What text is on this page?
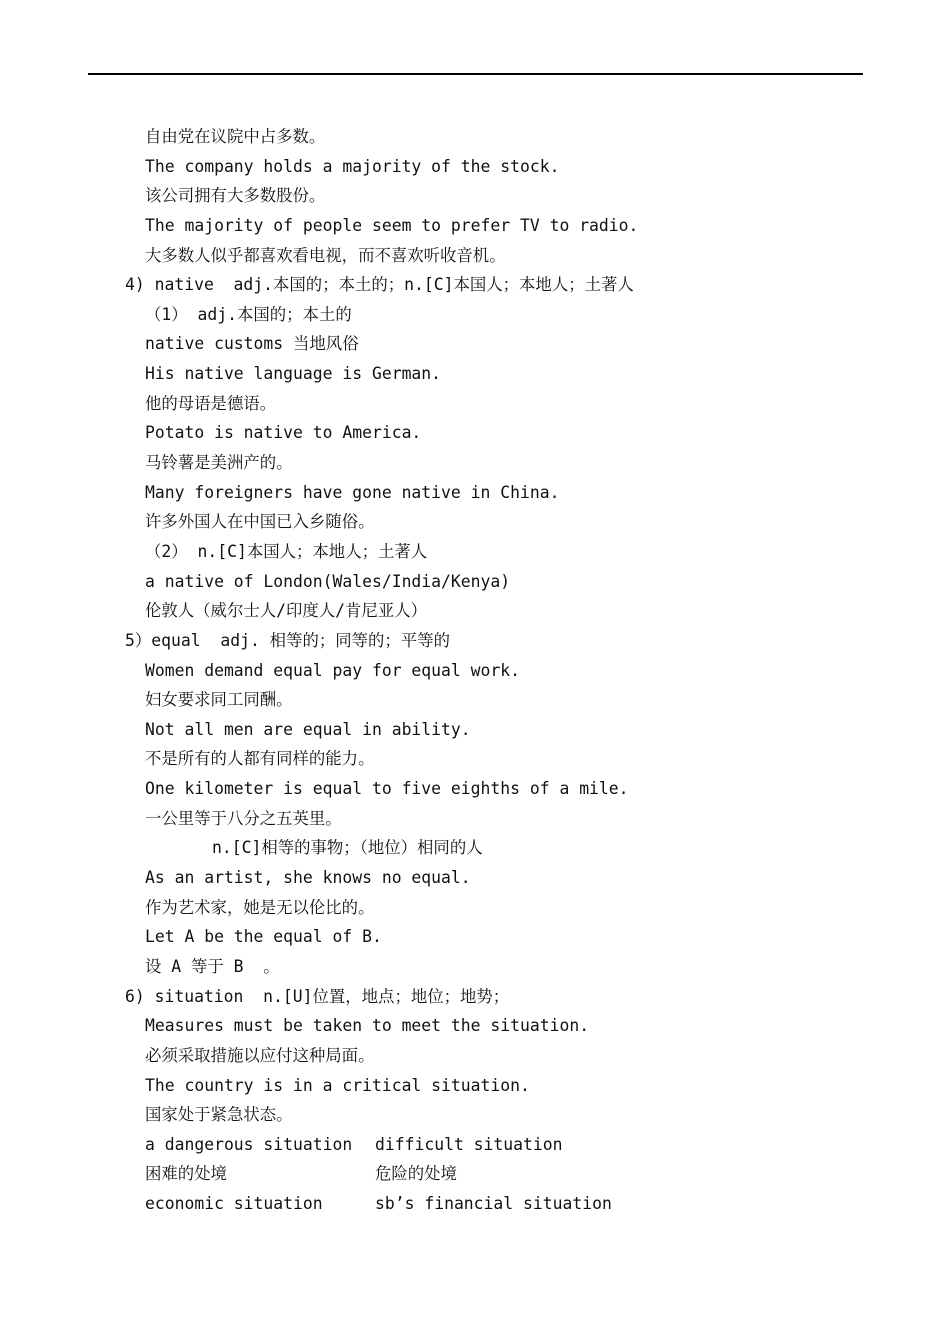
自由党在议院中占多数。
The company holds a majority of the stock.
该公司拥有大多数股份。
The majority of people seem to prefer TV to radio.
大多数人似乎都喜欢看电视，而不喜欢听收音机。
4) native  adj.本国的；本土的；n.[C]本国人；本地人；土著人
（1） adj.本国的；本土的
native customs 当地风俗
His native language is German.
他的母语是德语。
Potato is native to America.
马铃薯是美洲产的。
Many foreigners have gone native in China.
许多外国人在中国已入乡随俗。
（2） n.[C]本国人；本地人；土著人
a native of London(Wales/India/Kenya)
伦敦人（威尔士人/印度人/肯尼亚人）
5）equal  adj. 相等的；同等的；平等的
Women demand equal pay for equal work.
妇女要求同工同酬。
Not all men are equal in ability.
不是所有的人都有同样的能力。
One kilometer is equal to five eighths of a mile.
一公里等于八分之五英里。
n.[C]相等的事物；（地位）相同的人
As an artist, she knows no equal.
作为艺术家，她是无以伦比的。
Let A be the equal of B.
设 A 等于 B  。
6) situation  n.[U]位置，地点；地位；地势；
Measures must be taken to meet the situation.
必须采取措施以应付这种局面。
The country is in a critical situation.
国家处于紧急状态。
a dangerous situation	difficult situation
困难的处境	危险的处境
economic situation	sb’s financial situation
